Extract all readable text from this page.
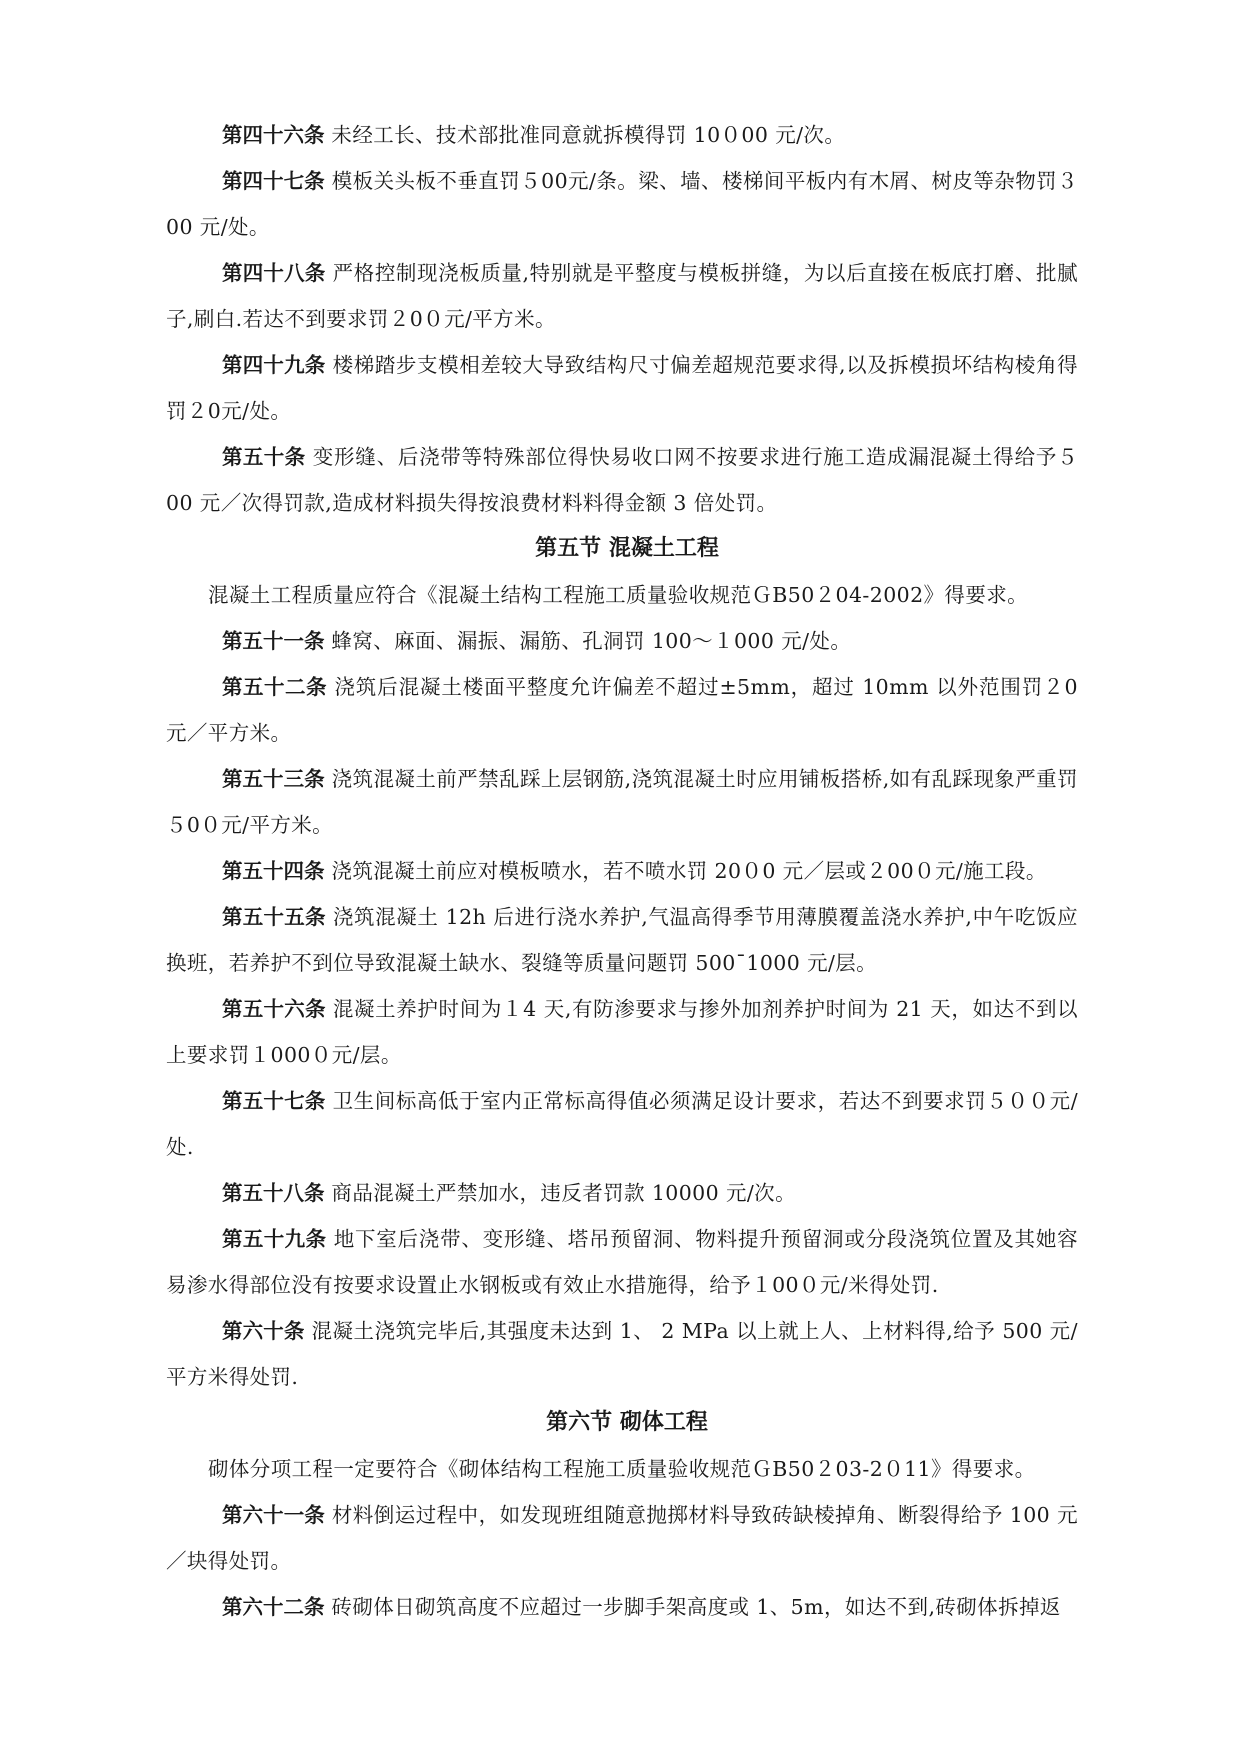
第四十六条 未经工长、技术部批准同意就拆模得罚 10０00 元/次。

第四十七条 模板关头板不垂直罚５00元/条。梁、墙、楼梯间平板内有木屑、树皮等杂物罚３00 元/处。

第四十八条 严格控制现浇板质量,特别就是平整度与模板拼缝，为以后直接在板底打磨、批腻子,刷白.若达不到要求罚２0０元/平方米。

第四十九条 楼梯踏步支模相差较大导致结构尺寸偏差超规范要求得,以及拆模损坏结构棱角得罚２0元/处。

第五十条 变形缝、后浇带等特殊部位得快易收口网不按要求进行施工造成漏混凝土得给予５00 元／次得罚款,造成材料损失得按浪费材料料得金额 3 倍处罚。

第五节 混凝土工程

混凝土工程质量应符合《混凝土结构工程施工质量验收规范ＧB50２04-2002》得要求。

第五十一条 蜂窝、麻面、漏振、漏筋、孔洞罚 100～１000 元/处。

第五十二条 浇筑后混凝土楼面平整度允许偏差不超过±5mm，超过 10mm 以外范围罚２0元／平方米。

第五十三条 浇筑混凝土前严禁乱踩上层钢筋,浇筑混凝土时应用铺板搭桥,如有乱踩现象严重罚５0０元/平方米。

第五十四条 浇筑混凝土前应对模板喷水，若不喷水罚 20０0 元／层或２00０元/施工段。

第五十五条 浇筑混凝土 12h 后进行浇水养护,气温高得季节用薄膜覆盖浇水养护,中午吃饭应换班，若养护不到位导致混凝土缺水、裂缝等质量问题罚 500¯1000 元/层。

第五十六条 混凝土养护时间为１4 天,有防渗要求与掺外加剂养护时间为 21 天，如达不到以上要求罚１000０元/层。

第五十七条 卫生间标高低于室内正常标高得值必须满足设计要求，若达不到要求罚５００元/处.

第五十八条 商品混凝土严禁加水，违反者罚款 10000 元/次。

第五十九条 地下室后浇带、变形缝、塔吊预留洞、物料提升预留洞或分段浇筑位置及其她容易渗水得部位没有按要求设置止水钢板或有效止水措施得，给予１00０元/米得处罚.

第六十条 混凝土浇筑完毕后,其强度未达到 1、 2 MPa 以上就上人、上材料得,给予 500 元/平方米得处罚.

第六节 砌体工程

砌体分项工程一定要符合《砌体结构工程施工质量验收规范ＧB50２03-2０11》得要求。

第六十一条 材料倒运过程中，如发现班组随意抛掷材料导致砖缺棱掉角、断裂得给予 100 元／块得处罚。

第六十二条 砖砌体日砌筑高度不应超过一步脚手架高度或 1、5m，如达不到,砖砌体拆掉返
